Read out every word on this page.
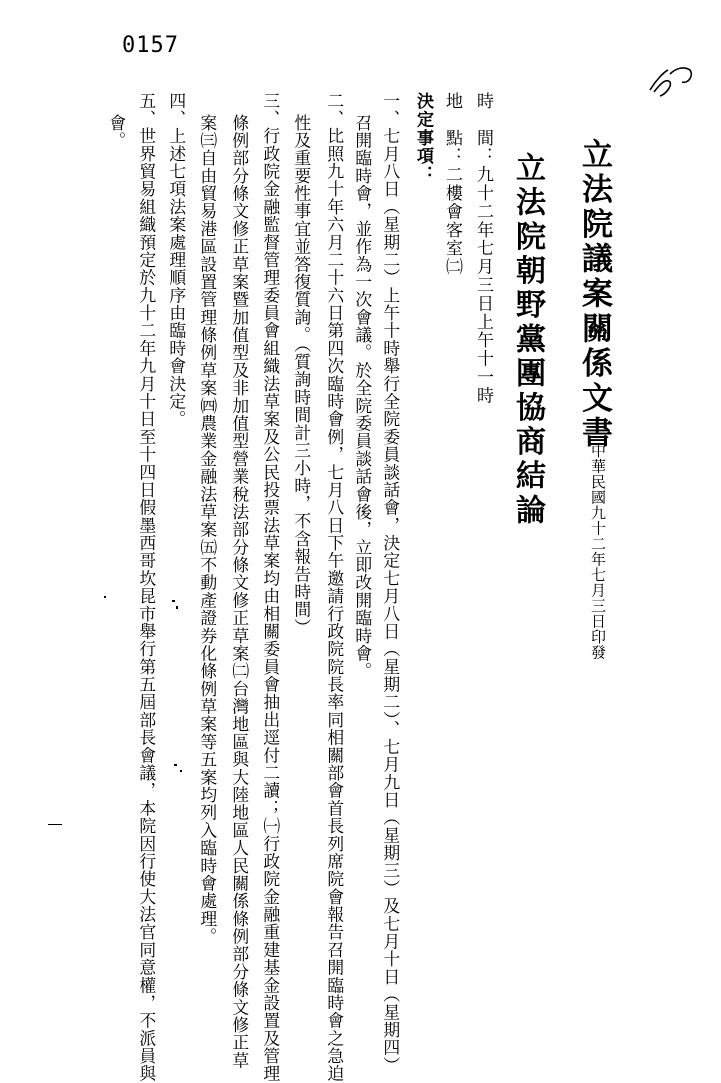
0157
立法院議案關係文書
中華民國九十二年七月三日印發
立法院朝野黨團協商結論
時　間：九十二年七月三日上午十一時
地　點：二樓會客室㈡
決定事項：
一、七月八日（星期二）上午十時舉行全院委員談話會，決定七月八日（星期二）、七月九日（星期三）及七月十日（星期四）
召開臨時會，並作為一次會議。於全院委員談話會後，立即改開臨時會。
二、比照九十年六月二十六日第四次臨時會例，七月八日下午邀請行政院院長率同相關部會首長列席院會報告召開臨時會之急迫
性及重要性事宜並答復質詢。（質詢時間計三小時，不含報告時間）
三、行政院金融監督管理委員會組織法草案及公民投票法草案均由相關委員會抽出逕付二讀；㈠行政院金融重建基金設置及管理
條例部分條文修正草案暨加值型及非加值型營業稅法部分條文修正草案㈡台灣地區與大陸地區人民關係條例部分條文修正草
案㈢自由貿易港區設置管理條例草案㈣農業金融法草案㈤不動產證券化條例草案等五案均列入臨時會處理。
四、上述七項法案處理順序由臨時會決定。
五、世界貿易組織預定於九十二年九月十日至十四日假墨西哥坎昆市舉行第五屆部長會議，本院因行使大法官同意權，不派員與
會。
